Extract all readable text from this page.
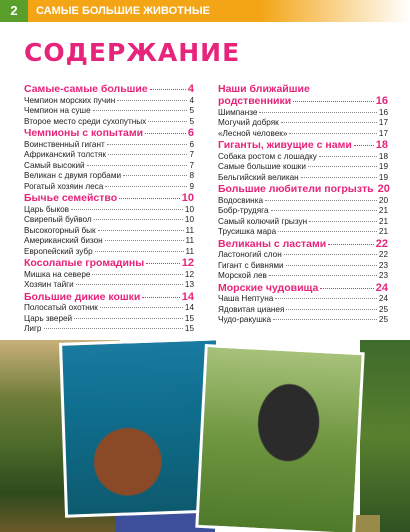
2	САМЫЕ БОЛЬШИЕ ЖИВОТНЫЕ
СОДЕРЖАНИЕ
Самые-самые большие	4
Чемпион морских пучин	4
Чемпион на суше	5
Второе место среди сухопутных	5
Чемпионы с копытами	6
Воинственный гигант	6
Африканский толстяк	7
Самый высокий	7
Великан с двумя горбами	8
Рогатый хозяин леса	9
Бычье семейство	10
Царь быков	10
Свирепый буйвол	10
Высокогорный бык	11
Американский бизон	11
Европейский зубр	11
Косолапые громадины	12
Мишка на севере	12
Хозяин тайги	13
Большие дикие кошки	14
Полосатый охотник	14
Царь зверей	15
Лигр	15
Наши ближайшие
родственники	16
Шимпанзе	16
Могучий добряк	17
«Лесной человек»	17
Гиганты, живущие с нами 18
Собака ростом с лошадку	18
Самые большие кошки	19
Бельгийский великан	19
Большие любители погрызть 20
Водосвинка	20
Бобр-трудяга	21
Самый колючий грызун	21
Трусишка мара	21
Великаны с ластами	22
Ластоногий слон	22
Гигант с бивнями	23
Морской лев	23
Морские чудовища	24
Чаша Нептуна	24
Ядовитая цианея	25
Чудо-ракушка	25
